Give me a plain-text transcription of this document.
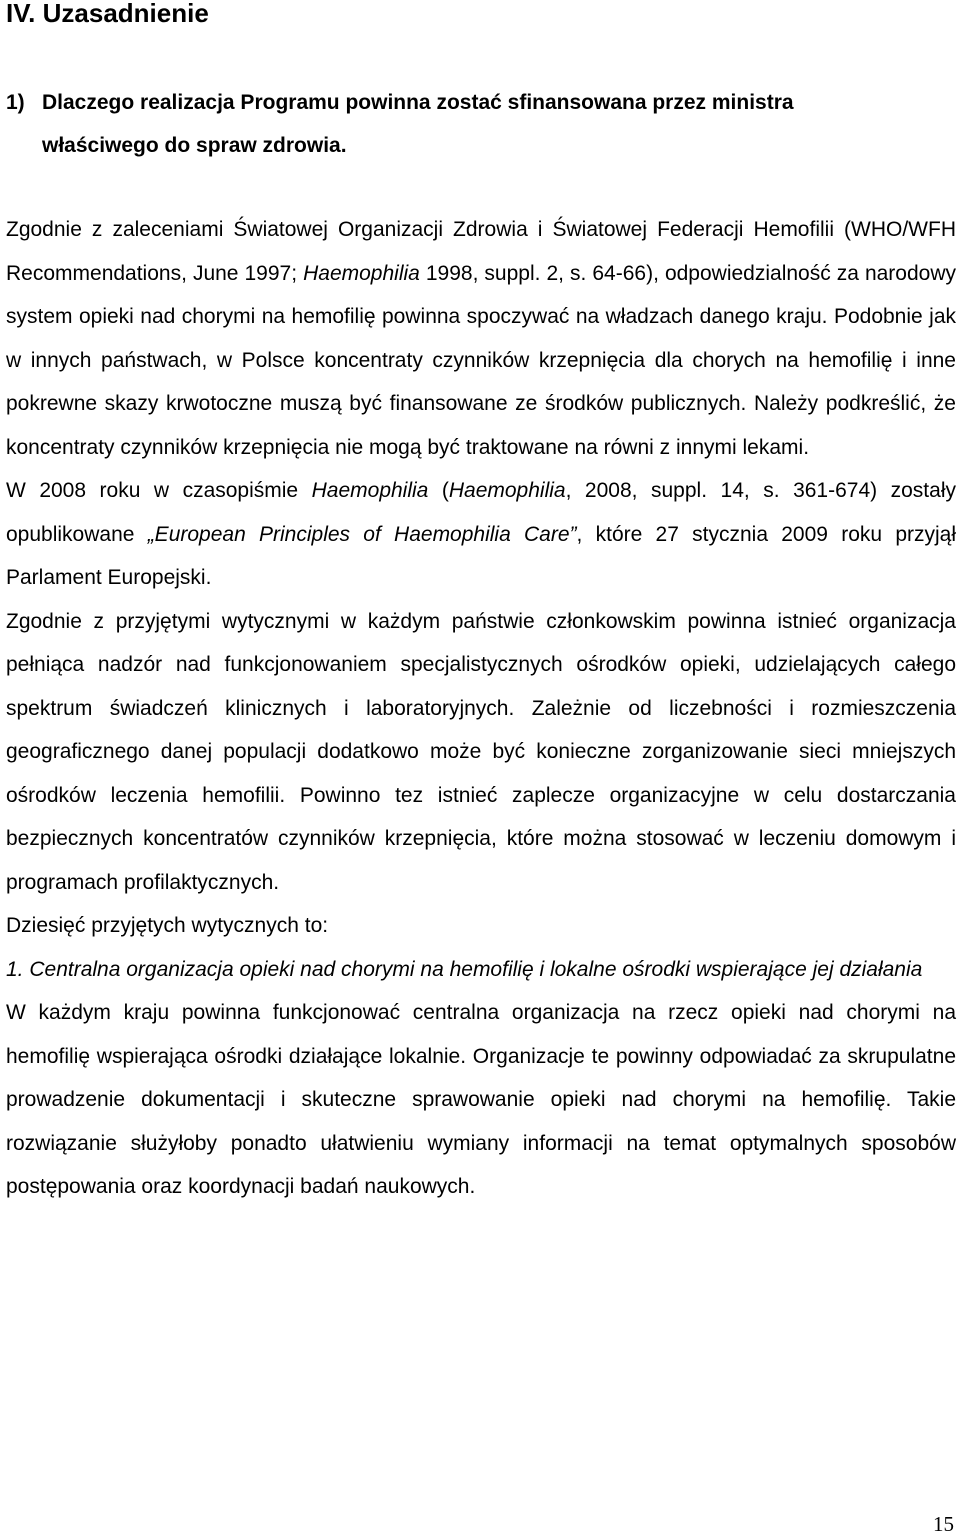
IV. Uzasadnienie
1) Dlaczego realizacja Programu powinna zostać sfinansowana przez ministra
właściwego do spraw zdrowia.

Zgodnie z zaleceniami Światowej Organizacji Zdrowia i Światowej Federacji Hemofilii (WHO/WFH Recommendations, June 1997; Haemophilia 1998, suppl. 2, s. 64-66), odpowiedzialność za narodowy system opieki nad chorymi na hemofilię powinna spoczywać na władzach danego kraju. Podobnie jak w innych państwach, w Polsce koncentraty czynników krzepnięcia dla chorych na hemofilię i inne pokrewne skazy krwotoczne muszą być finansowane ze środków publicznych. Należy podkreślić, że koncentraty czynników krzepnięcia nie mogą być traktowane na równi z innymi lekami.

W 2008 roku w czasopiśmie Haemophilia (Haemophilia, 2008, suppl. 14, s. 361-674) zostały opublikowane „European Principles of Haemophilia Care”, które 27 stycznia 2009 roku przyjął Parlament Europejski.

Zgodnie z przyjętymi wytycznymi w każdym państwie członkowskim powinna istnieć organizacja pełniąca nadzór nad funkcjonowaniem specjalistycznych ośrodków opieki, udzielających całego spektrum świadczeń klinicznych i laboratoryjnych. Zależnie od liczebności i rozmieszczenia geograficznego danej populacji dodatkowo może być konieczne zorganizowanie sieci mniejszych ośrodków leczenia hemofilii. Powinno tez istnieć zaplecze organizacyjne w celu dostarczania bezpiecznych koncentratów czynników krzepnięcia, które można stosować w leczeniu domowym i programach profilaktycznych.

Dziesięć przyjętych wytycznych to:

1. Centralna organizacja opieki nad chorymi na hemofilię i lokalne ośrodki wspierające jej działania

W każdym kraju powinna funkcjonować centralna organizacja na rzecz opieki nad chorymi na hemofilię wspierająca ośrodki działające lokalnie. Organizacje te powinny odpowiadać za skrupulatne prowadzenie dokumentacji i skuteczne sprawowanie opieki nad chorymi na hemofilię. Takie rozwiązanie służyłoby ponadto ułatwieniu wymiany informacji na temat optymalnych sposobów postępowania oraz koordynacji badań naukowych.

15
